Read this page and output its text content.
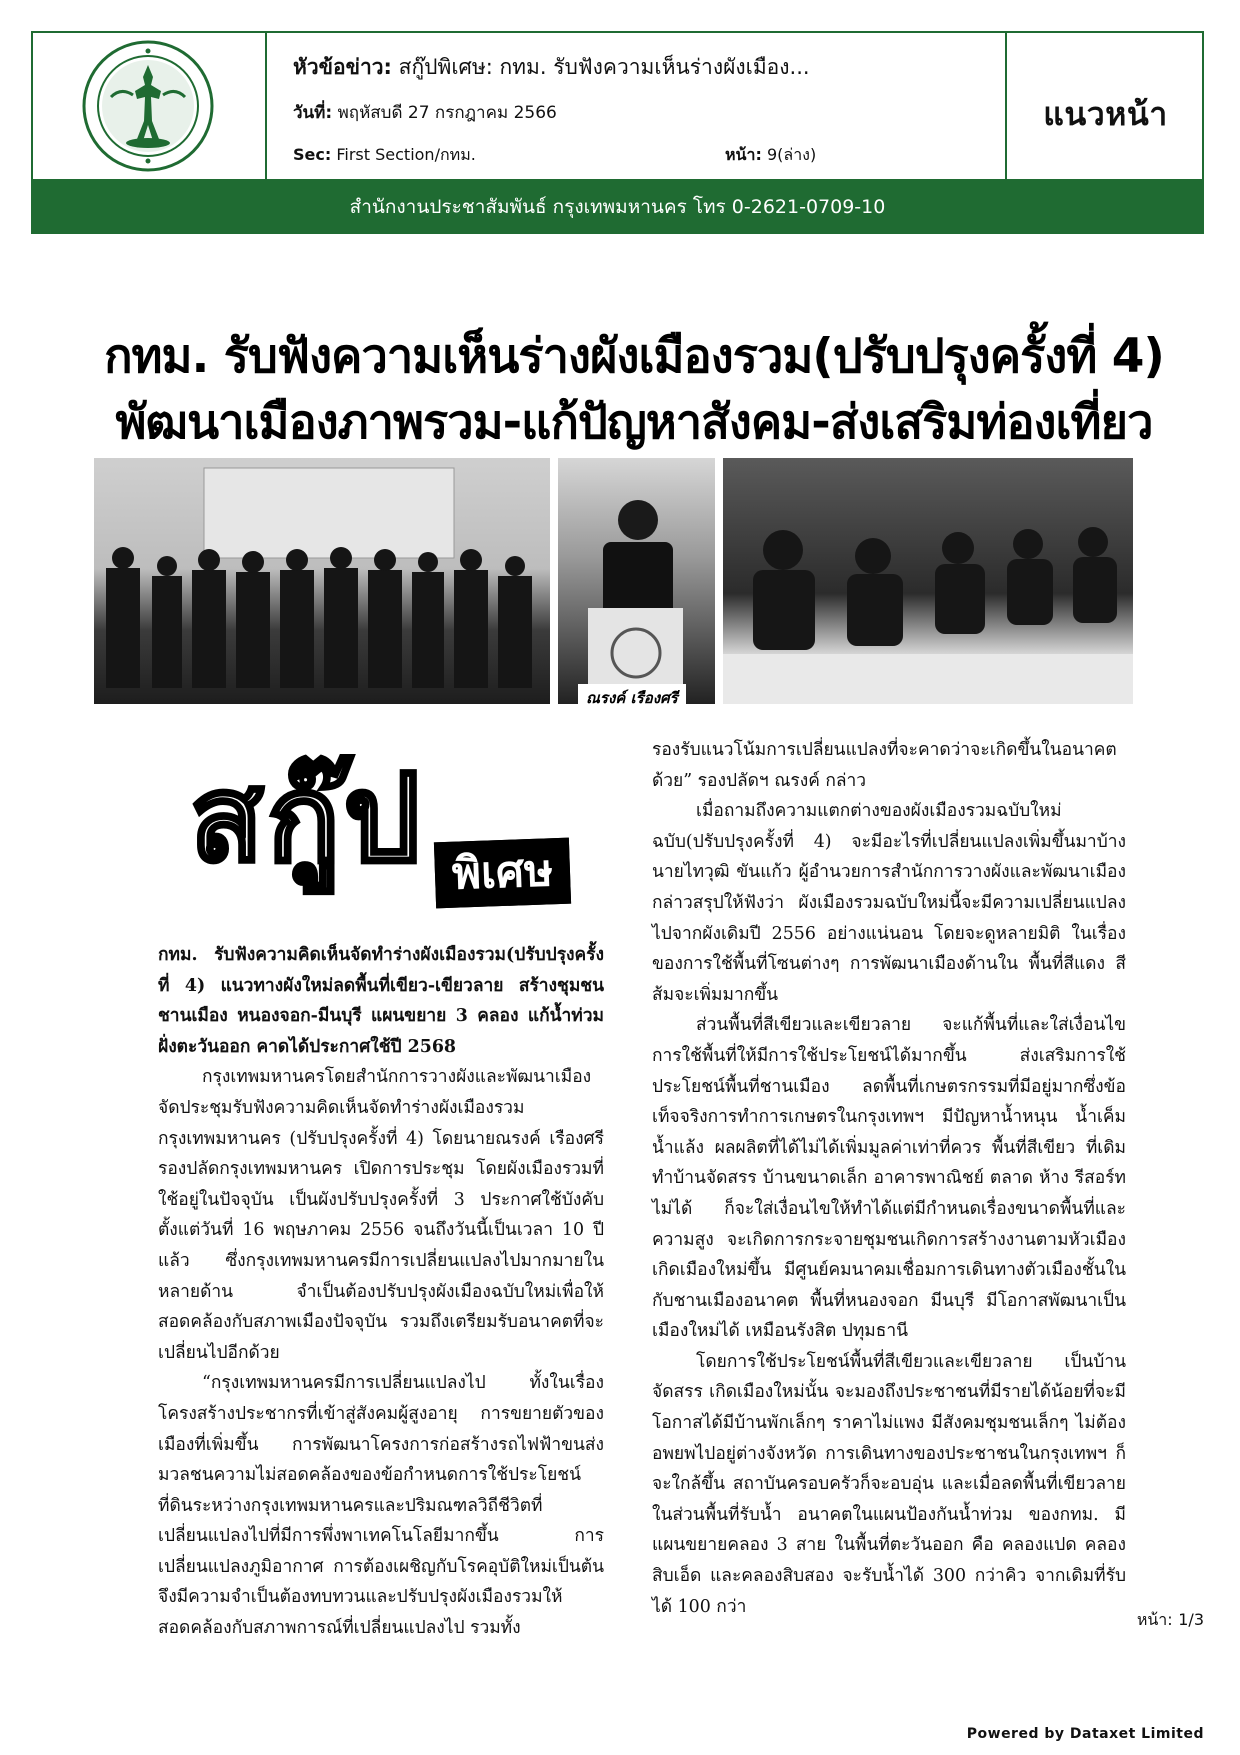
หัวข้อข่าว: สกู๊ปพิเศษ: กทม. รับฟังความเห็นร่างผังเมือง...
วันที่: พฤหัสบดี 27 กรกฎาคม 2566
Sec: First Section/กทม.	หน้า: 9(ล่าง)
แนวหน้า
สำนักงานประชาสัมพันธ์ กรุงเทพมหานคร โทร 0-2621-0709-10
กทม. รับฟังความเห็นร่างผังเมืองรวม(ปรับปรุงครั้งที่ 4)
พัฒนาเมืองภาพรวม-แก้ปัญหาสังคม-ส่งเสริมท่องเที่ยว
ณรงค์ เรืองศรี
สกู๊ป พิเศษ

กทม. รับฟังความคิดเห็นจัดทำร่างผังเมืองรวม(ปรับปรุงครั้งที่ 4) แนวทางผังใหม่ลดพื้นที่เขียว-เขียวลาย สร้างชุมชนชานเมือง หนองจอก-มีนบุรี แผนขยาย 3 คลอง แก้น้ำท่วมฝั่งตะวันออก คาดได้ประกาศใช้ปี 2568

กรุงเทพมหานครโดยสำนักการวางผังและพัฒนาเมือง จัดประชุมรับฟังความคิดเห็นจัดทำร่างผังเมืองรวมกรุงเทพมหานคร (ปรับปรุงครั้งที่ 4) โดยนายณรงค์ เรืองศรี รองปลัดกรุงเทพมหานคร เปิดการประชุม โดยผังเมืองรวมที่ใช้อยู่ในปัจจุบัน เป็นผังปรับปรุงครั้งที่ 3 ประกาศใช้บังคับตั้งแต่วันที่ 16 พฤษภาคม 2556 จนถึงวันนี้เป็นเวลา 10 ปีแล้ว ซึ่งกรุงเทพมหานครมีการเปลี่ยนแปลงไปมากมายในหลายด้าน จำเป็นต้องปรับปรุงผังเมืองฉบับใหม่เพื่อให้สอดคล้องกับสภาพเมืองปัจจุบัน รวมถึงเตรียมรับอนาคตที่จะเปลี่ยนไปอีกด้วย

“กรุงเทพมหานครมีการเปลี่ยนแปลงไป ทั้งในเรื่องโครงสร้างประชากรที่เข้าสู่สังคมผู้สูงอายุ การขยายตัวของเมืองที่เพิ่มขึ้น การพัฒนาโครงการก่อสร้างรถไฟฟ้าขนส่งมวลชนความไม่สอดคล้องของข้อกำหนดการใช้ประโยชน์ที่ดินระหว่างกรุงเทพมหานครและปริมณฑลวิถีชีวิตที่เปลี่ยนแปลงไปที่มีการพึ่งพาเทคโนโลยีมากขึ้น การเปลี่ยนแปลงภูมิอากาศ การต้องเผชิญกับโรคอุบัติใหม่เป็นต้น จึงมีความจำเป็นต้องทบทวนและปรับปรุงผังเมืองรวมให้สอดคล้องกับสภาพการณ์ที่เปลี่ยนแปลงไป รวมทั้ง

รองรับแนวโน้มการเปลี่ยนแปลงที่จะคาดว่าจะเกิดขึ้นในอนาคตด้วย” รองปลัดฯ ณรงค์ กล่าว

เมื่อถามถึงความแตกต่างของผังเมืองรวมฉบับใหม่ฉบับ(ปรับปรุงครั้งที่ 4) จะมีอะไรที่เปลี่ยนแปลงเพิ่มขึ้นมาบ้าง นายไทวุฒิ ขันแก้ว ผู้อำนวยการสำนักการวางผังและพัฒนาเมือง กล่าวสรุปให้ฟังว่า ผังเมืองรวมฉบับใหม่นี้จะมีความเปลี่ยนแปลงไปจากผังเดิมปี 2556 อย่างแน่นอน โดยจะดูหลายมิติ ในเรื่องของการใช้พื้นที่โซนต่างๆ การพัฒนาเมืองด้านใน พื้นที่สีแดง สีส้มจะเพิ่มมากขึ้น

ส่วนพื้นที่สีเขียวและเขียวลาย จะแก้พื้นที่และใส่เงื่อนไขการใช้พื้นที่ให้มีการใช้ประโยชน์ได้มากขึ้น ส่งเสริมการใช้ประโยชน์พื้นที่ชานเมือง ลดพื้นที่เกษตรกรรมที่มีอยู่มากซึ่งข้อเท็จจริงการทำการเกษตรในกรุงเทพฯ มีปัญหาน้ำหนุน น้ำเค็ม น้ำแล้ง ผลผลิตที่ได้ไม่ได้เพิ่มมูลค่าเท่าที่ควร พื้นที่สีเขียว ที่เดิมทำบ้านจัดสรร บ้านขนาดเล็ก อาคารพาณิชย์ ตลาด ห้าง รีสอร์ทไม่ได้ ก็จะใส่เงื่อนไขให้ทำได้แต่มีกำหนดเรื่องขนาดพื้นที่และความสูง จะเกิดการกระจายชุมชนเกิดการสร้างงานตามหัวเมือง เกิดเมืองใหม่ขึ้น มีศูนย์คมนาคมเชื่อมการเดินทางตัวเมืองชั้นในกับชานเมืองอนาคต พื้นที่หนองจอก มีนบุรี มีโอกาสพัฒนาเป็นเมืองใหม่ได้ เหมือนรังสิต ปทุมธานี

โดยการใช้ประโยชน์พื้นที่สีเขียวและเขียวลาย เป็นบ้านจัดสรร เกิดเมืองใหม่นั้น จะมองถึงประชาชนที่มีรายได้น้อยที่จะมีโอกาสได้มีบ้านพักเล็กๆ ราคาไม่แพง มีสังคมชุมชนเล็กๆ ไม่ต้องอพยพไปอยู่ต่างจังหวัด การเดินทางของประชาชนในกรุงเทพฯ ก็จะใกล้ขึ้น สถาบันครอบครัวก็จะอบอุ่น และเมื่อลดพื้นที่เขียวลาย ในส่วนพื้นที่รับน้ำ อนาคตในแผนป้องกันน้ำท่วม ของกทม. มีแผนขยายคลอง 3 สาย ในพื้นที่ตะวันออก คือ คลองแปด คลองสิบเอ็ด และคลองสิบสอง จะรับน้ำได้ 300 กว่าคิว จากเดิมที่รับได้ 100 กว่า

หน้า: 1/3
Powered by Dataxet Limited
